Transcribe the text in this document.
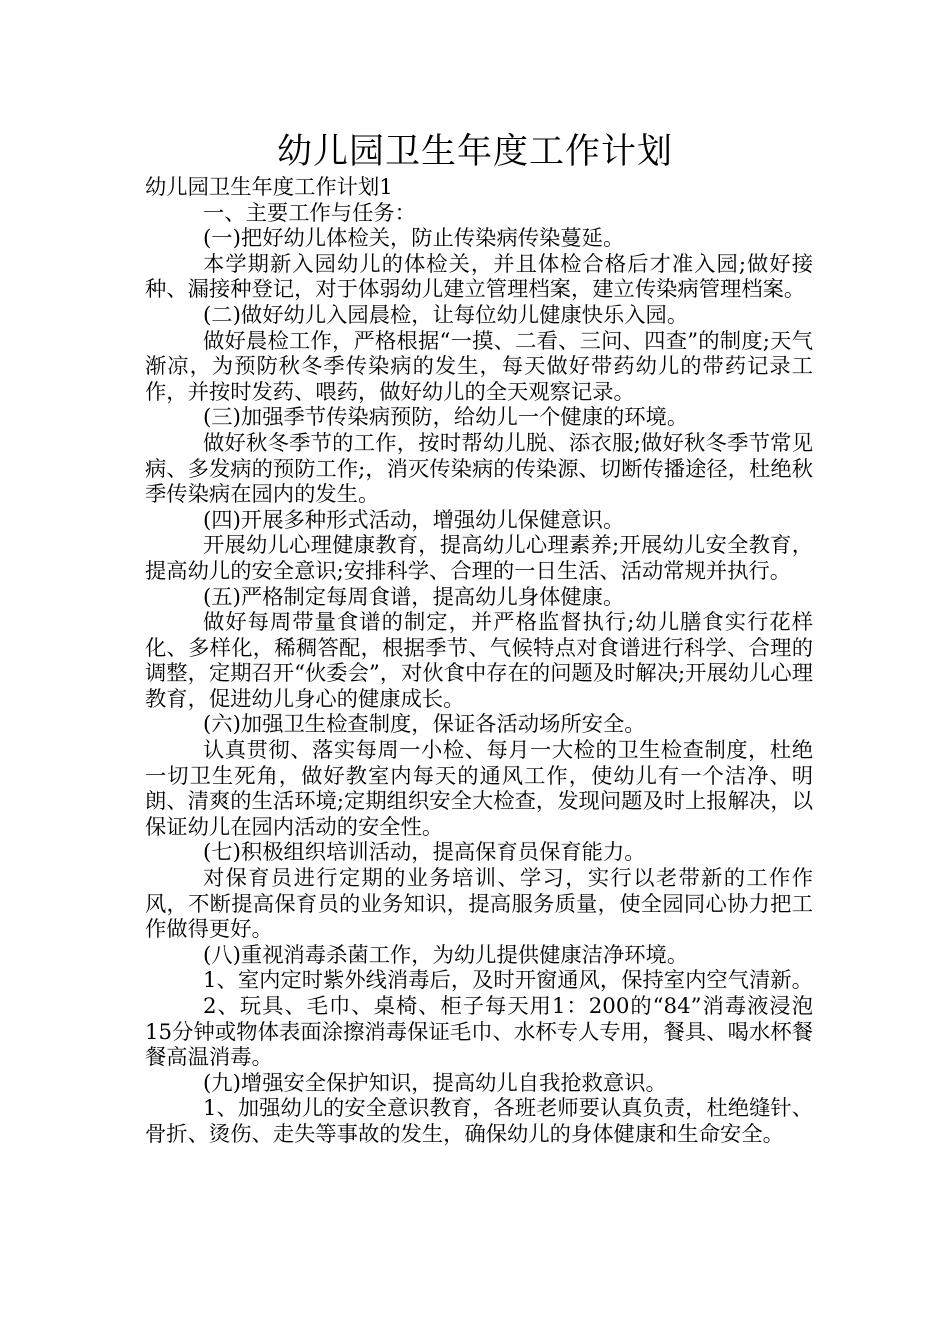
幼儿园卫生年度工作计划

幼儿园卫生年度工作计划1

一、主要工作与任务：

(一)把好幼儿体检关，防止传染病传染蔓延。

本学期新入园幼儿的体检关，并且体检合格后才准入园;做好接种、漏接种登记，对于体弱幼儿建立管理档案，建立传染病管理档案。

(二)做好幼儿入园晨检，让每位幼儿健康快乐入园。

做好晨检工作，严格根据“一摸、二看、三问、四查”的制度;天气渐凉，为预防秋冬季传染病的发生，每天做好带药幼儿的带药记录工作，并按时发药、喂药，做好幼儿的全天观察记录。

(三)加强季节传染病预防，给幼儿一个健康的环境。

做好秋冬季节的工作，按时帮幼儿脱、添衣服;做好秋冬季节常见病、多发病的预防工作;，消灭传染病的传染源、切断传播途径，杜绝秋季传染病在园内的发生。

(四)开展多种形式活动，增强幼儿保健意识。

开展幼儿心理健康教育，提高幼儿心理素养;开展幼儿安全教育，提高幼儿的安全意识;安排科学、合理的一日生活、活动常规并执行。

(五)严格制定每周食谱，提高幼儿身体健康。

做好每周带量食谱的制定，并严格监督执行;幼儿膳食实行花样化、多样化，稀稠答配，根据季节、气候特点对食谱进行科学、合理的调整，定期召开“伙委会”，对伙食中存在的问题及时解决;开展幼儿心理教育，促进幼儿身心的健康成长。

(六)加强卫生检查制度，保证各活动场所安全。

认真贯彻、落实每周一小检、每月一大检的卫生检查制度，杜绝一切卫生死角，做好教室内每天的通风工作，使幼儿有一个洁净、明朗、清爽的生活环境;定期组织安全大检查，发现问题及时上报解决，以保证幼儿在园内活动的安全性。

(七)积极组织培训活动，提高保育员保育能力。

对保育员进行定期的业务培训、学习，实行以老带新的工作作风，不断提高保育员的业务知识，提高服务质量，使全园同心协力把工作做得更好。

(八)重视消毒杀菌工作，为幼儿提供健康洁净环境。

1、室内定时紫外线消毒后，及时开窗通风，保持室内空气清新。

2、玩具、毛巾、桌椅、柜子每天用1：200的“84”消毒液浸泡15分钟或物体表面涂擦消毒保证毛巾、水杯专人专用，餐具、喝水杯餐餐高温消毒。

(九)增强安全保护知识，提高幼儿自我抢救意识。

1、加强幼儿的安全意识教育，各班老师要认真负责，杜绝缝针、骨折、烫伤、走失等事故的发生，确保幼儿的身体健康和生命安全。
